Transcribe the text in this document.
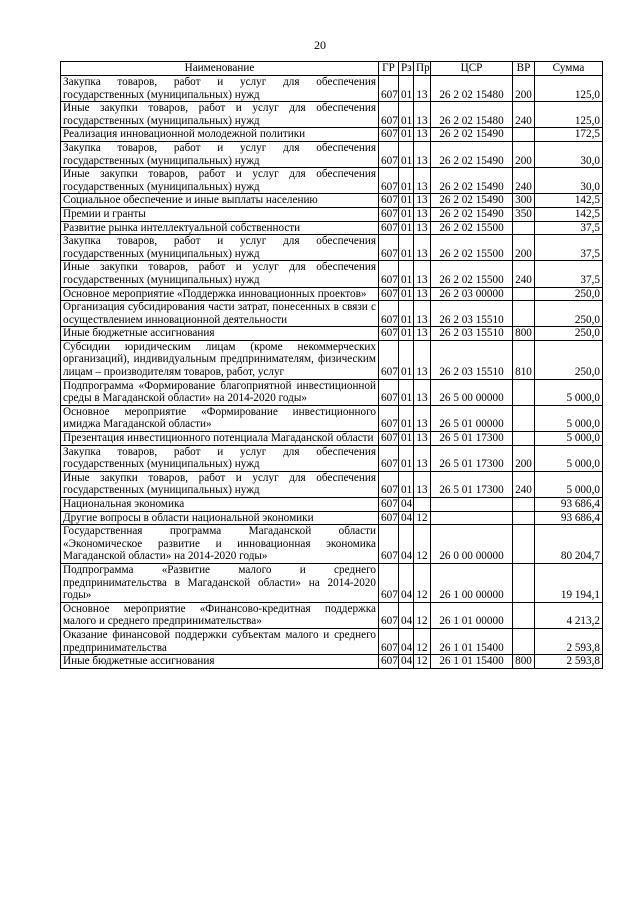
20
Наименование	ГР	Рз	Пр	ЦСР	ВР	Сумма
Закупка товаров, работ и услуг для обеспечения государственных (муниципальных) нужд	607	01	13	26 2 02 15480	200	125,0
Иные закупки товаров, работ и услуг для обеспечения государственных (муниципальных) нужд	607	01	13	26 2 02 15480	240	125,0
Реализация инновационной молодежной политики	607	01	13	26 2 02 15490		172,5
Закупка товаров, работ и услуг для обеспечения государственных (муниципальных) нужд	607	01	13	26 2 02 15490	200	30,0
Иные закупки товаров, работ и услуг для обеспечения государственных (муниципальных) нужд	607	01	13	26 2 02 15490	240	30,0
Социальное обеспечение и иные выплаты населению	607	01	13	26 2 02 15490	300	142,5
Премии и гранты	607	01	13	26 2 02 15490	350	142,5
Развитие рынка интеллектуальной собственности	607	01	13	26 2 02 15500		37,5
Закупка товаров, работ и услуг для обеспечения государственных (муниципальных) нужд	607	01	13	26 2 02 15500	200	37,5
Иные закупки товаров, работ и услуг для обеспечения государственных (муниципальных) нужд	607	01	13	26 2 02 15500	240	37,5
Основное мероприятие «Поддержка инновационных проектов»	607	01	13	26 2 03 00000		250,0
Организация субсидирования части затрат, понесенных в связи с осуществлением инновационной деятельности	607	01	13	26 2 03 15510		250,0
Иные бюджетные ассигнования	607	01	13	26 2 03 15510	800	250,0
Субсидии юридическим лицам (кроме некоммерческих организаций), индивидуальным предпринимателям, физическим лицам – производителям товаров, работ, услуг	607	01	13	26 2 03 15510	810	250,0
Подпрограмма «Формирование благоприятной инвестиционной среды в Магаданской области» на 2014-2020 годы»	607	01	13	26 5 00 00000		5 000,0
Основное мероприятие «Формирование инвестиционного имиджа Магаданской области»	607	01	13	26 5 01 00000		5 000,0
Презентация инвестиционного потенциала Магаданской области	607	01	13	26 5 01 17300		5 000,0
Закупка товаров, работ и услуг для обеспечения государственных (муниципальных) нужд	607	01	13	26 5 01 17300	200	5 000,0
Иные закупки товаров, работ и услуг для обеспечения государственных (муниципальных) нужд	607	01	13	26 5 01 17300	240	5 000,0
Национальная экономика	607	04				93 686,4
Другие вопросы в области национальной экономики	607	04	12			93 686,4
Государственная программа Магаданской области «Экономическое развитие и инновационная экономика Магаданской области» на 2014-2020 годы»	607	04	12	26 0 00 00000		80 204,7
Подпрограмма «Развитие малого и среднего предпринимательства в Магаданской области» на 2014-2020 годы»	607	04	12	26 1 00 00000		19 194,1
Основное мероприятие «Финансово-кредитная поддержка малого и среднего предпринимательства»	607	04	12	26 1 01 00000		4 213,2
Оказание финансовой поддержки субъектам малого и среднего предпринимательства	607	04	12	26 1 01 15400		2 593,8
Иные бюджетные ассигнования	607	04	12	26 1 01 15400	800	2 593,8
